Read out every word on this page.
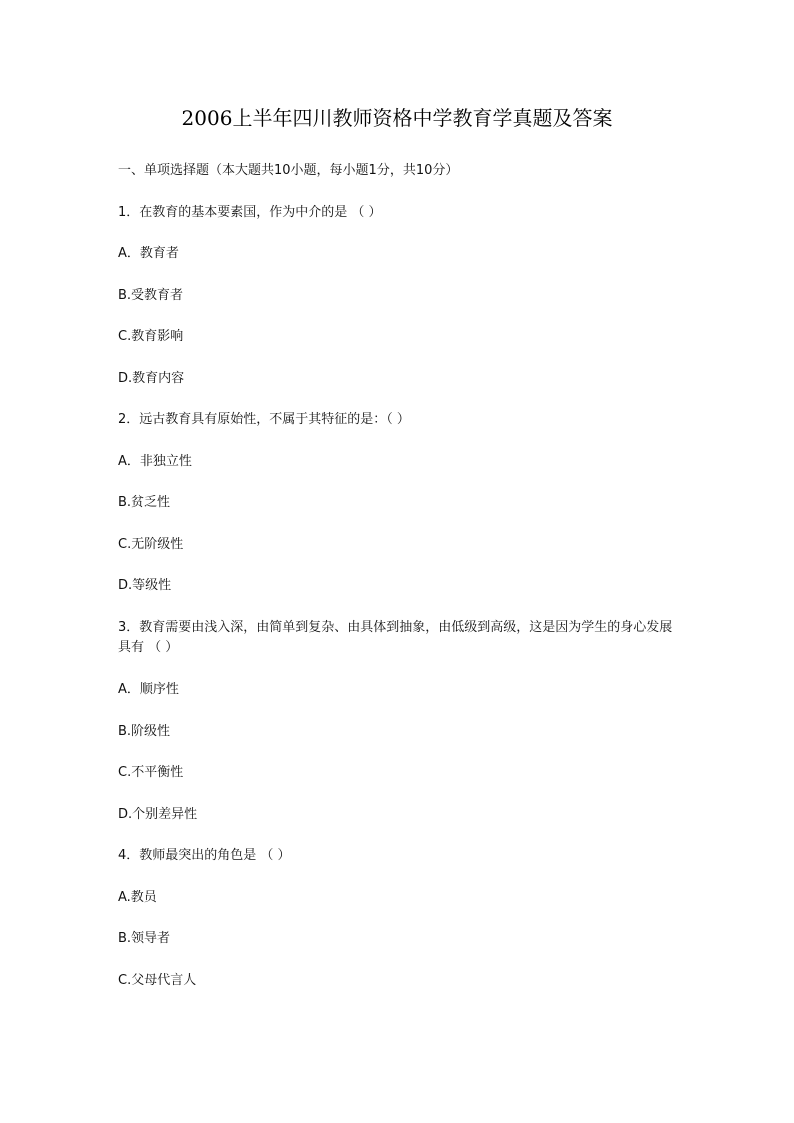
2006上半年四川教师资格中学教育学真题及答案
一、单项选择题（本大题共10小题，每小题1分，共10分）
1．在教育的基本要素国，作为中介的是 （ ）
A．教育者
B.受教育者
C.教育影响
D.教育内容
2．远古教育具有原始性，不属于其特征的是：（ ）
A．非独立性
B.贫乏性
C.无阶级性
D.等级性
3．教育需要由浅入深，由简单到复杂、由具体到抽象，由低级到高级，这是因为学生的身心发展具有 （ ）
A．顺序性
B.阶级性
C.不平衡性
D.个别差异性
4．教师最突出的角色是 （ ）
A.教员
B.领导者
C.父母代言人
